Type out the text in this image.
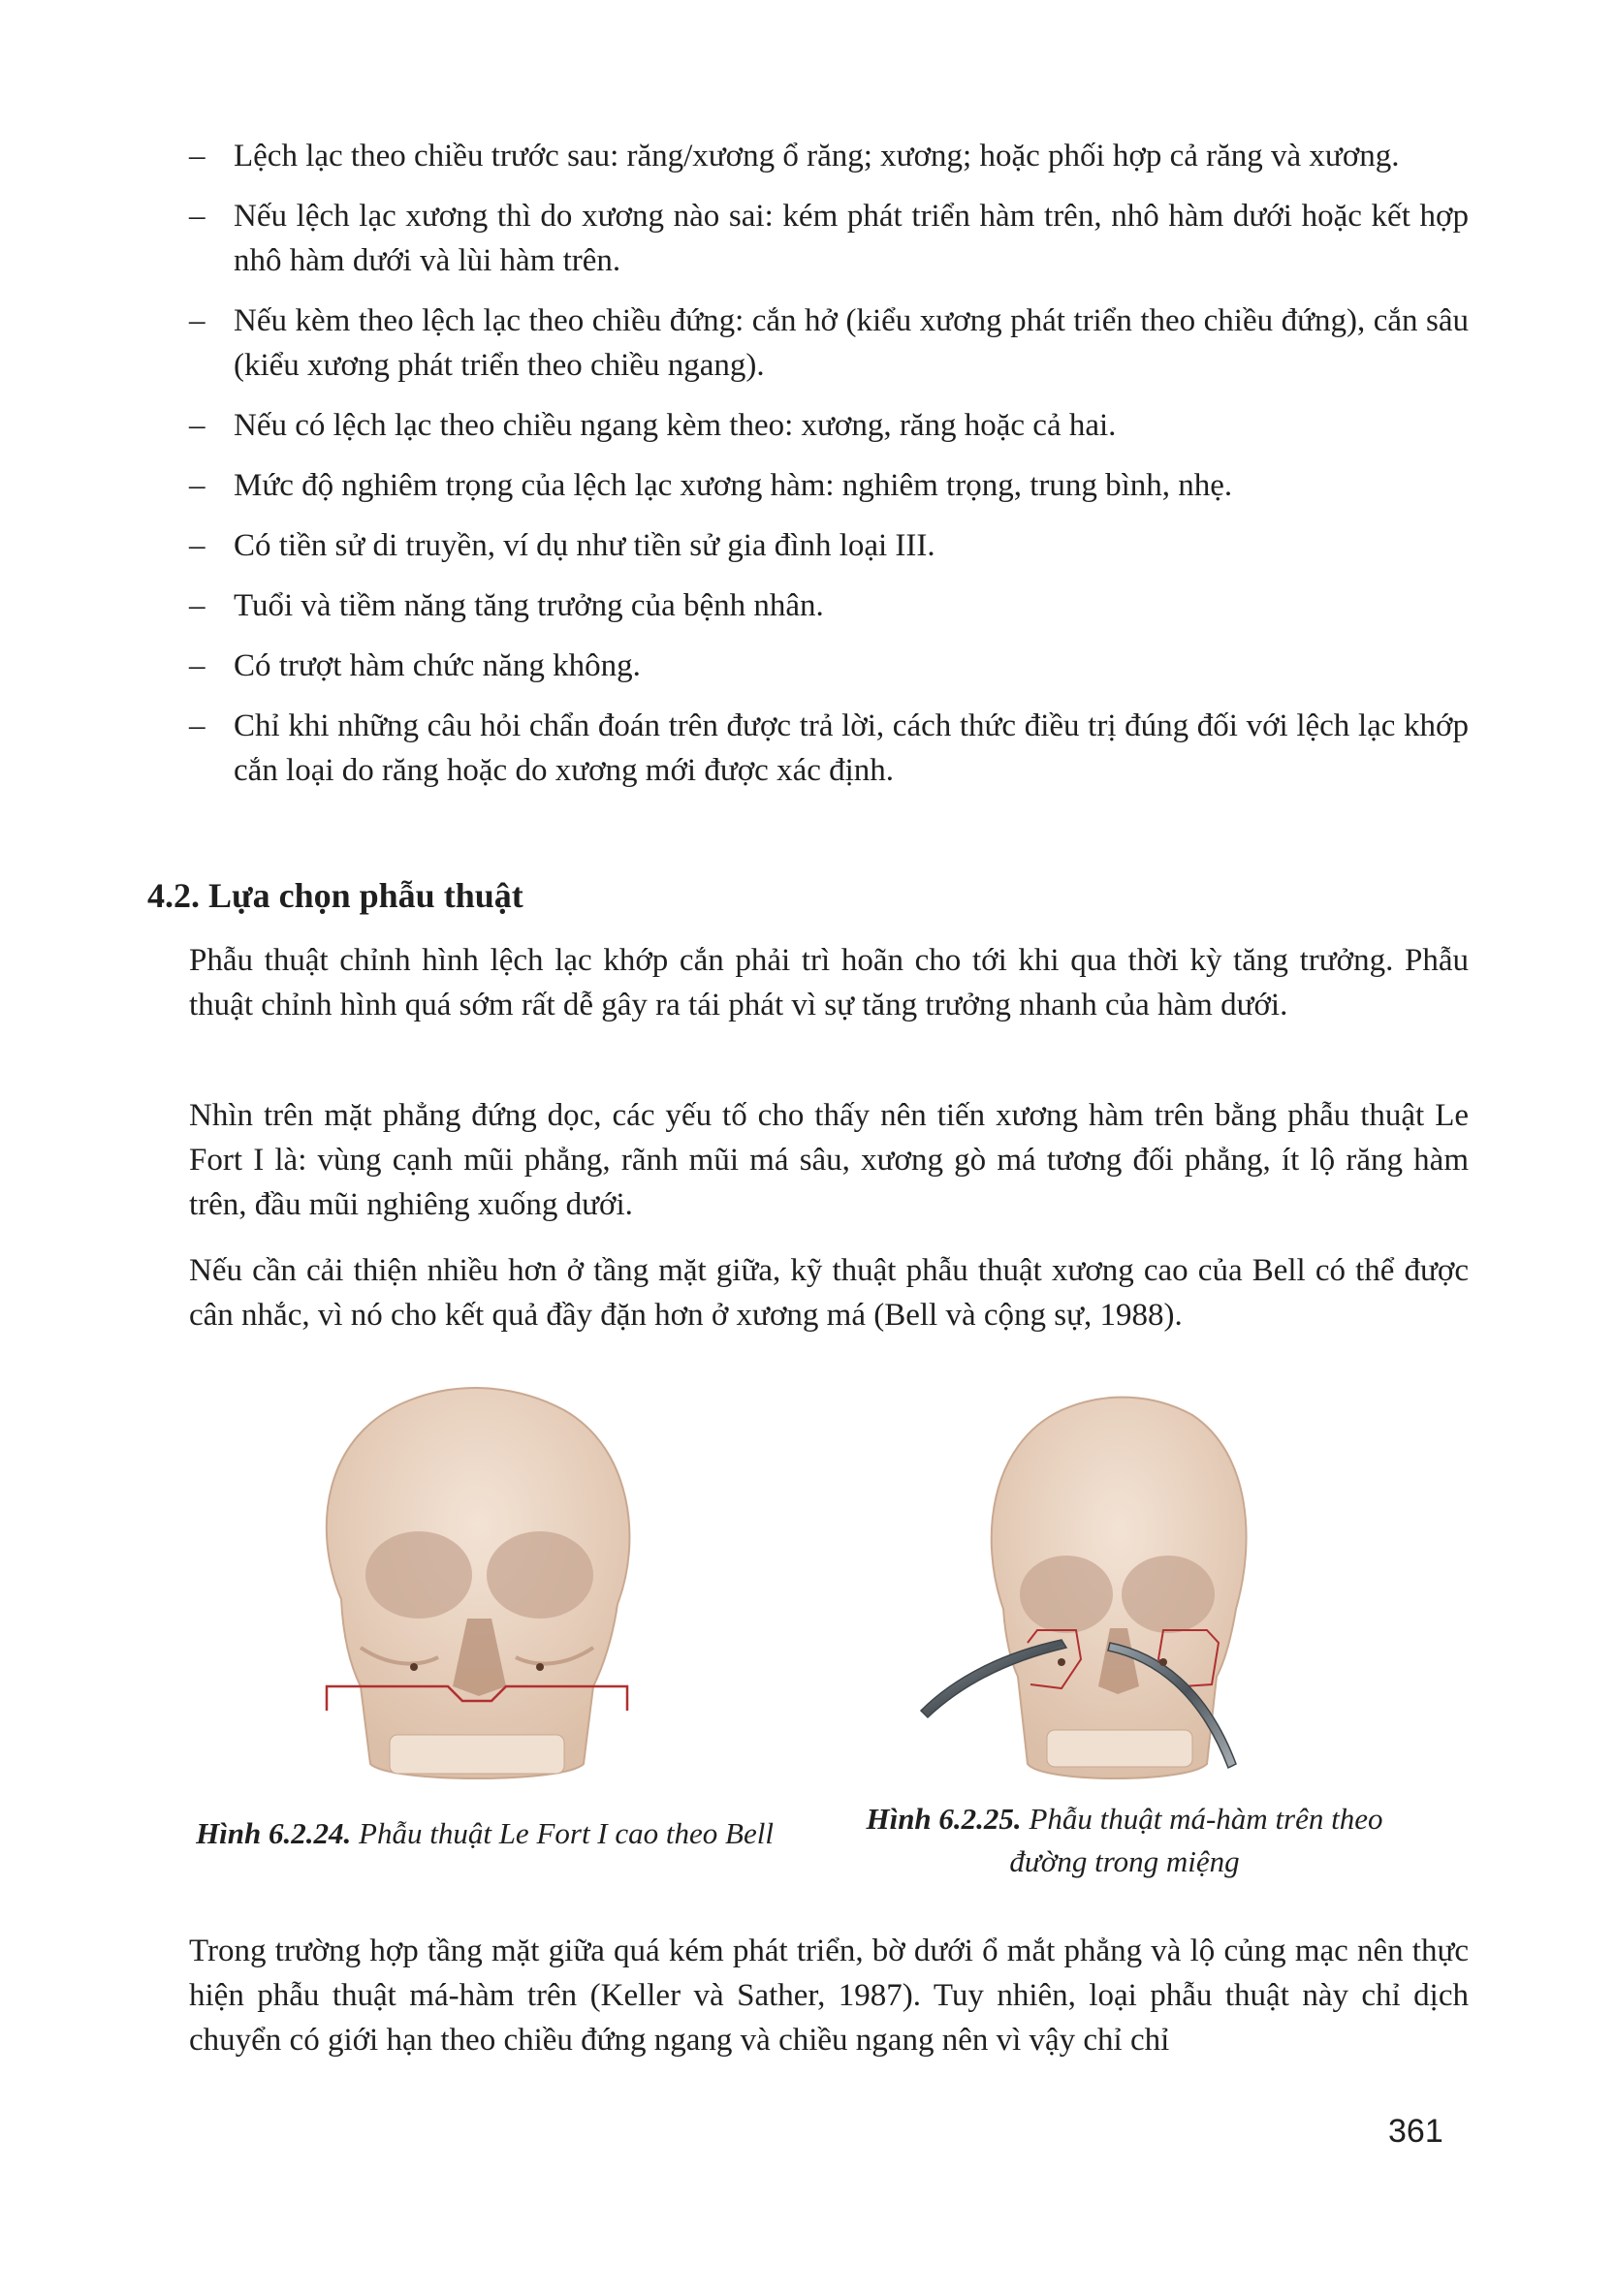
– Lệch lạc theo chiều trước sau: răng/xương ổ răng; xương; hoặc phối hợp cả răng và xương.
– Nếu lệch lạc xương thì do xương nào sai: kém phát triển hàm trên, nhô hàm dưới hoặc kết hợp nhô hàm dưới và lùi hàm trên.
– Nếu kèm theo lệch lạc theo chiều đứng: cắn hở (kiểu xương phát triển theo chiều đứng), cắn sâu (kiểu xương phát triển theo chiều ngang).
– Nếu có lệch lạc theo chiều ngang kèm theo: xương, răng hoặc cả hai.
– Mức độ nghiêm trọng của lệch lạc xương hàm: nghiêm trọng, trung bình, nhẹ.
– Có tiền sử di truyền, ví dụ như tiền sử gia đình loại III.
– Tuổi và tiềm năng tăng trưởng của bệnh nhân.
– Có trượt hàm chức năng không.
– Chỉ khi những câu hỏi chẩn đoán trên được trả lời, cách thức điều trị đúng đối với lệch lạc khớp cắn loại do răng hoặc do xương mới được xác định.
4.2. Lựa chọn phẫu thuật

Phẫu thuật chỉnh hình lệch lạc khớp cắn phải trì hoãn cho tới khi qua thời kỳ tăng trưởng. Phẫu thuật chỉnh hình quá sớm rất dễ gây ra tái phát vì sự tăng trưởng nhanh của hàm dưới.

Nhìn trên mặt phẳng đứng dọc, các yếu tố cho thấy nên tiến xương hàm trên bằng phẫu thuật Le Fort I là: vùng cạnh mũi phẳng, rãnh mũi má sâu, xương gò má tương đối phẳng, ít lộ răng hàm trên, đầu mũi nghiêng xuống dưới.

Nếu cần cải thiện nhiều hơn ở tầng mặt giữa, kỹ thuật phẫu thuật xương cao của Bell có thể được cân nhắc, vì nó cho kết quả đầy đặn hơn ở xương má (Bell và cộng sự, 1988).

Hình 6.2.24. Phẫu thuật Le Fort I cao theo Bell	Hình 6.2.25. Phẫu thuật má-hàm trên theo đường trong miệng

Trong trường hợp tầng mặt giữa quá kém phát triển, bờ dưới ổ mắt phẳng và lộ củng mạc nên thực hiện phẫu thuật má-hàm trên (Keller và Sather, 1987). Tuy nhiên, loại phẫu thuật này chỉ dịch chuyển có giới hạn theo chiều đứng ngang và chiều ngang nên vì vậy chỉ chỉ

361
